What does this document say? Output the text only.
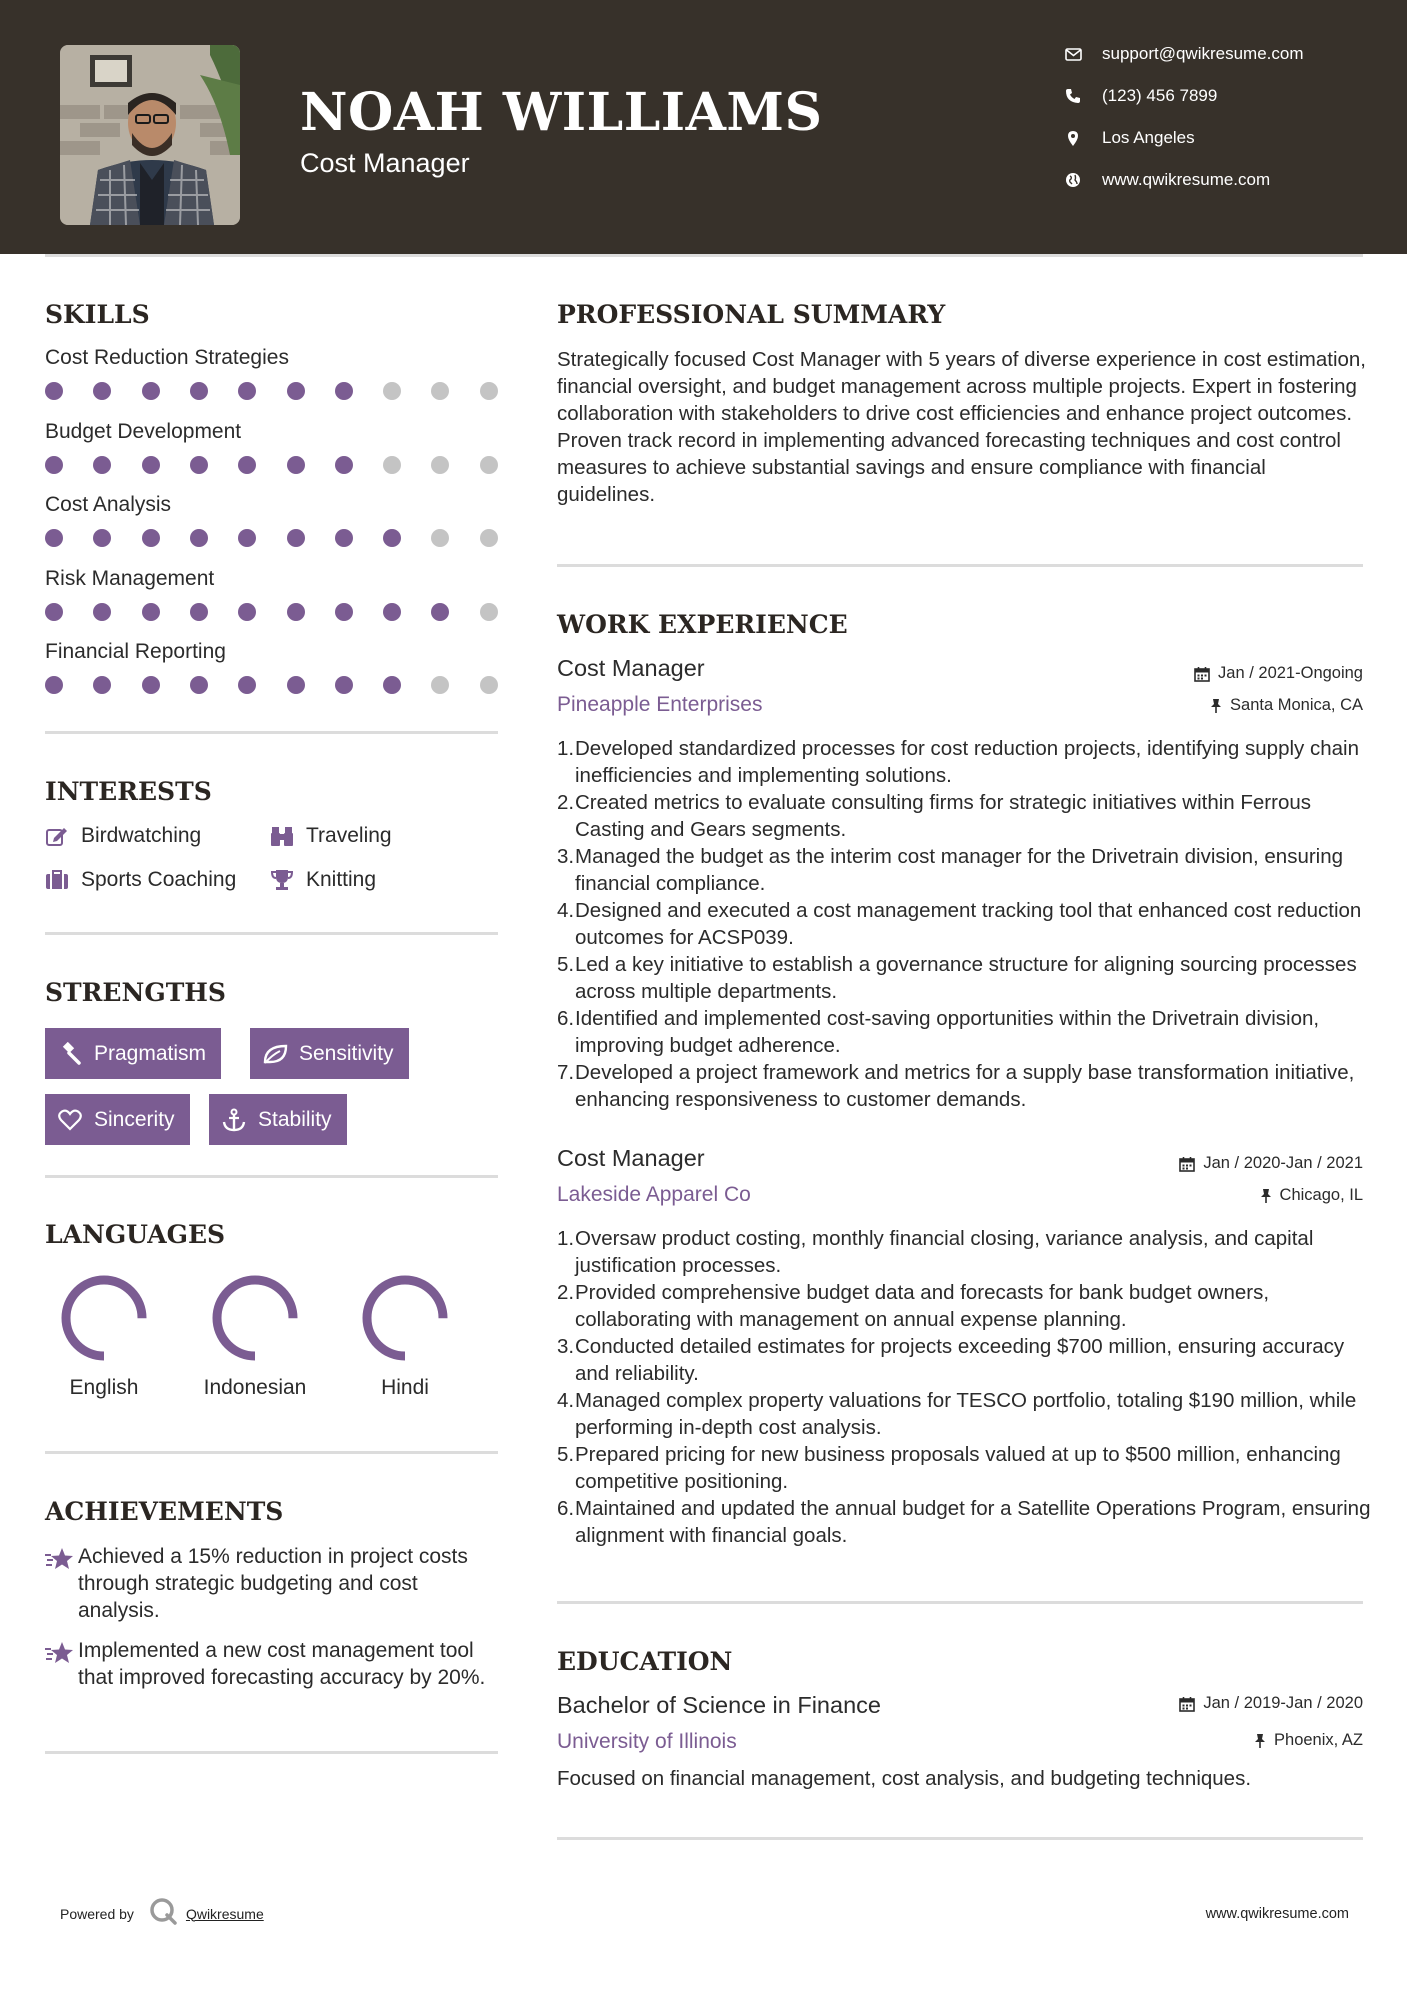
NOAH WILLIAMS
Cost Manager
support@qwikresume.com
(123) 456 7899
Los Angeles
www.qwikresume.com
SKILLS
Cost Reduction Strategies
Budget Development
Cost Analysis
Risk Management
Financial Reporting
INTERESTS
Birdwatching	Traveling
Sports Coaching	Knitting
STRENGTHS
Pragmatism	Sensitivity
Sincerity	Stability
LANGUAGES
English	Indonesian	Hindi
ACHIEVEMENTS
Achieved a 15% reduction in project costs through strategic budgeting and cost analysis.
Implemented a new cost management tool that improved forecasting accuracy by 20%.
PROFESSIONAL SUMMARY
Strategically focused Cost Manager with 5 years of diverse experience in cost estimation, financial oversight, and budget management across multiple projects. Expert in fostering collaboration with stakeholders to drive cost efficiencies and enhance project outcomes. Proven track record in implementing advanced forecasting techniques and cost control measures to achieve substantial savings and ensure compliance with financial guidelines.
WORK EXPERIENCE
Cost Manager	Jan / 2021-Ongoing
Pineapple Enterprises	Santa Monica, CA
1. Developed standardized processes for cost reduction projects, identifying supply chain inefficiencies and implementing solutions.
2. Created metrics to evaluate consulting firms for strategic initiatives within Ferrous Casting and Gears segments.
3. Managed the budget as the interim cost manager for the Drivetrain division, ensuring financial compliance.
4. Designed and executed a cost management tracking tool that enhanced cost reduction outcomes for ACSP039.
5. Led a key initiative to establish a governance structure for aligning sourcing processes across multiple departments.
6. Identified and implemented cost-saving opportunities within the Drivetrain division, improving budget adherence.
7. Developed a project framework and metrics for a supply base transformation initiative, enhancing responsiveness to customer demands.
Cost Manager	Jan / 2020-Jan / 2021
Lakeside Apparel Co	Chicago, IL
1. Oversaw product costing, monthly financial closing, variance analysis, and capital justification processes.
2. Provided comprehensive budget data and forecasts for bank budget owners, collaborating with management on annual expense planning.
3. Conducted detailed estimates for projects exceeding $700 million, ensuring accuracy and reliability.
4. Managed complex property valuations for TESCO portfolio, totaling $190 million, while performing in-depth cost analysis.
5. Prepared pricing for new business proposals valued at up to $500 million, enhancing competitive positioning.
6. Maintained and updated the annual budget for a Satellite Operations Program, ensuring alignment with financial goals.
EDUCATION
Bachelor of Science in Finance	Jan / 2019-Jan / 2020
University of Illinois	Phoenix, AZ
Focused on financial management, cost analysis, and budgeting techniques.
Powered by	Qwikresume	www.qwikresume.com
